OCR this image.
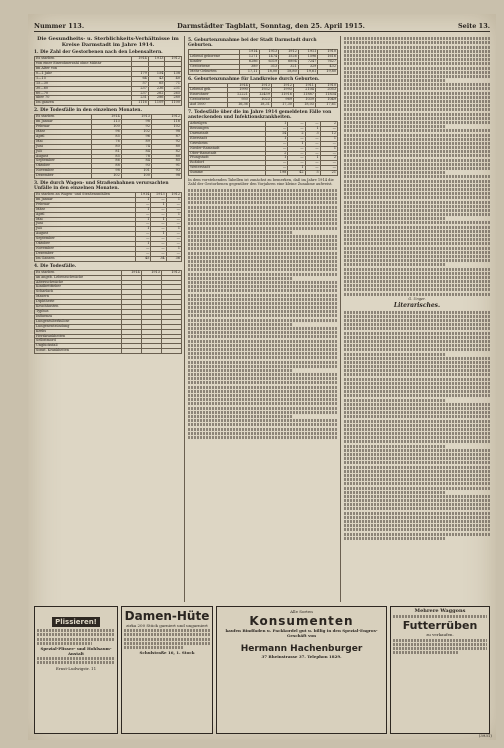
Nummer 113.	Darmstädter Tagblatt, Sonntag, den 25. April 1915.	Seite 13.
Die Gesundheits- u. Sterblichkeits-Verhältnisse im Kreise Darmstadt im Jahre 1914.
1. Die Zahl der Gestorbenen nach den Lebensaltern.
Es starben	1914	1913	1912
von einer Einwohnerzahl ohne Militär			
im Alter von			
0—1 Jahr	179	154	138
1—15	64	43	40
15—30	57	65	71
30—60	237	236	231
60—70	237	262	265
über 70	231	286	280
Im ganzen	1116	1109	1100
2. Die Todesfälle in den einzelnen Monaten.
Es starben	1914	1913	1912
im Januar	113	98	116
Februar	100	92	102
März	96	102	98
April	85	96	87
Mai	76	89	92
Juni	80	74	80
Juli	81	84	82
August	85	78	80
September	86	84	85
Oktober	88	93	91
November	98	101	93
Dezember	102	100	98
3. Die durch Wagen- und Straßenbahnen verursachten Unfälle in den einzelnen Monaten.
Es starben an Wagen- und Straßenunfällen	1914	1913	1912
im Januar	1	—	1
Februar	—	1	—
März	1	—	—
April	—	—	1
Mai	1	1	—
Juni	—	—	—
Juli	1	—	1
August	—	1	—
September	—	—	—
Oktober	1	—	—
November	—	—	1
Dezember	—	—	—
Im Ganzen	45	34	36
4. Die Todesfälle.
Es starben	1914	1913	1912
an angeb. Lebensschwäche			
Altersschwäche			
Kindbettfieber			
Scharlach			
Masern			
Diphtherie			
Keuchhusten			
Typhus			
Influenza			
Lungentuberkulose			
Lungenentzündung			
Krebs			
Herzkrankheiten			
Selbstmord			
Unglücksfall			
Sonst. Krankheiten			
5. Geburtenzunahme bei der Stadt Darmstadt durch Geburten.
	1914	1913	1912	1911	1910
Lebend geborene	1271	1474	1526	1596	1616
Kinder	6286	6319	6894	7247	7627
Gestorbene	389	313	321	329	432
Mehr Geburten	17,11	18,00	18,80	19,61	19,80
6. Geburtenzunahme für Landkreise durch Geburten.
	1914	1913	1912	1911	1910
Lebend geb.	1990	1932	1993	2104	2053
Einwohner	12221	12459	11916	11887	11834
Gestorbene	950	1023	969	1039	1049
Auf 1000	16,36	18,31	17,30	18,03	17,61
7. Todesfälle über die im Jahre 1914 gemeldeten Fälle von ansteckenden und Infektionskrankheiten.
Arheilgen	1	—	—	2
Bessungen	—	—	1	—
Darmstadt	14	2	3	12
Eberstadt	1	—	—	1
Griesheim	—	1	—	—
Nieder-Ramstadt	—	—	—	1
Ober-Ramstadt	2	—	—	—
Pfungstadt	1	—	1	2
Roßdorf	—	—	—	—
Weiterstadt	—	1	—	—
Summe	198	42	5	21
In dem vorstehenden Tabellen ist zunächst zu bemerken, daß im Jahre 1914 die Zahl der Gestorbenen gegenüber den Vorjahren eine kleine Zunahme aufweist.
G. Unger.
Literarisches.
Plissieren!
Spezial-Plissee- und Hohlsaum-Anstalt
Ernst-Ludwigstr. 11
Damen-Hüte
zirka 200 Stück garniert und ungarniert
Schulstraße 16, 1. Stock
Alle Sorten
Konsumenten
kaufen Bindfaden u. Packkordel gut u. billig in den Spezial-Engros-Geschäft von
Hermann Hachenburger
37 Rheinstrasse 37. Telephon 1829.
Mehrere Waggons
Futterrüben
zu verkaufen.
(3931)
